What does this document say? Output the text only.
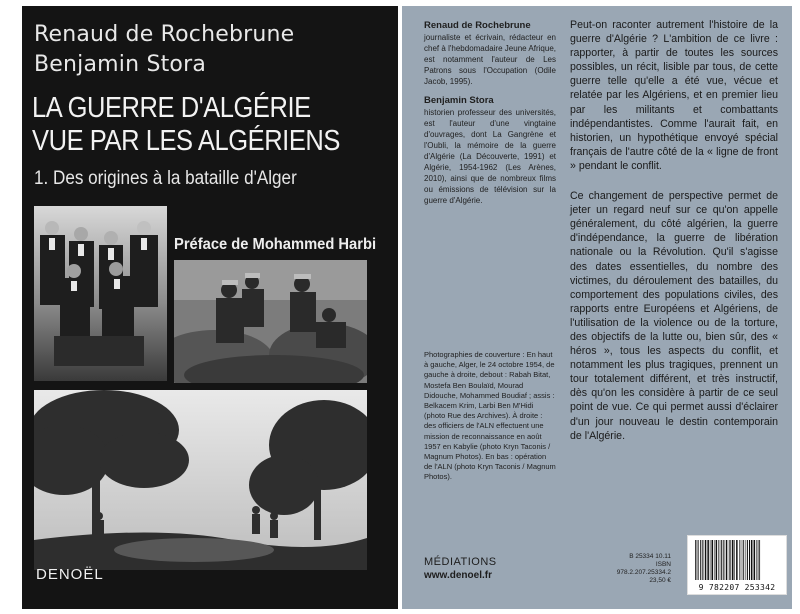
Renaud de Rochebrune
Benjamin Stora
LA GUERRE D'ALGÉRIE
VUE PAR LES ALGÉRIENS
1. Des origines à la bataille d'Alger
Préface de Mohammed Harbi
DENOËL
Renaud de Rochebrune
journaliste et écrivain, rédacteur en chef à l'hebdomadaire Jeune Afrique, est notamment l'auteur de Les Patrons sous l'Occupation (Odile Jacob, 1995).
Benjamin Stora
historien professeur des universités, est l'auteur d'une vingtaine d'ouvrages, dont La Gangrène et l'Oubli, la mémoire de la guerre d'Algérie (La Découverte, 1991) et Algérie, 1954-1962 (Les Arènes, 2010), ainsi que de nombreux films ou émissions de télévision sur la guerre d'Algérie.
Photographies de couverture : En haut à gauche, Alger, le 24 octobre 1954, de gauche à droite, debout : Rabah Bitat, Mostefa Ben Boulaïd, Mourad Didouche, Mohammed Boudiaf ; assis : Belkacem Krim, Larbi Ben M'Hidi (photo Rue des Archives). À droite : des officiers de l'ALN effectuent une mission de reconnaissance en août 1957 en Kabylie (photo Kryn Taconis / Magnum Photos). En bas : opération de l'ALN (photo Kryn Taconis / Magnum Photos).

Peut-on raconter autrement l'histoire de la guerre d'Algérie ? L'ambition de ce livre : rapporter, à partir de toutes les sources possibles, un récit, lisible par tous, de cette guerre telle qu'elle a été vue, vécue et relatée par les Algériens, et en premier lieu par les militants et combattants indépendantistes. Comme l'aurait fait, en historien, un hypothétique envoyé spécial français de l'autre côté de la « ligne de front » pendant le conflit.

Ce changement de perspective permet de jeter un regard neuf sur ce qu'on appelle généralement, du côté algérien, la guerre d'indépendance, la guerre de libération nationale ou la Révolution. Qu'il s'agisse des dates essentielles, du nombre des victimes, du déroulement des batailles, du comportement des populations civiles, des rapports entre Européens et Algériens, de l'utilisation de la violence ou de la torture, des objectifs de la lutte ou, bien sûr, des « héros », tous les aspects du conflit, et notamment les plus tragiques, prennent un tour totalement différent, et très instructif, dès qu'on les considère à partir de ce seul point de vue. Ce qui permet aussi d'éclairer d'un jour nouveau le destin contemporain de l'Algérie.

MÉDIATIONS
www.denoel.fr
B 25334 10.11
ISBN 978.2.207.25334.2
23,50 €
9 782207 253342
